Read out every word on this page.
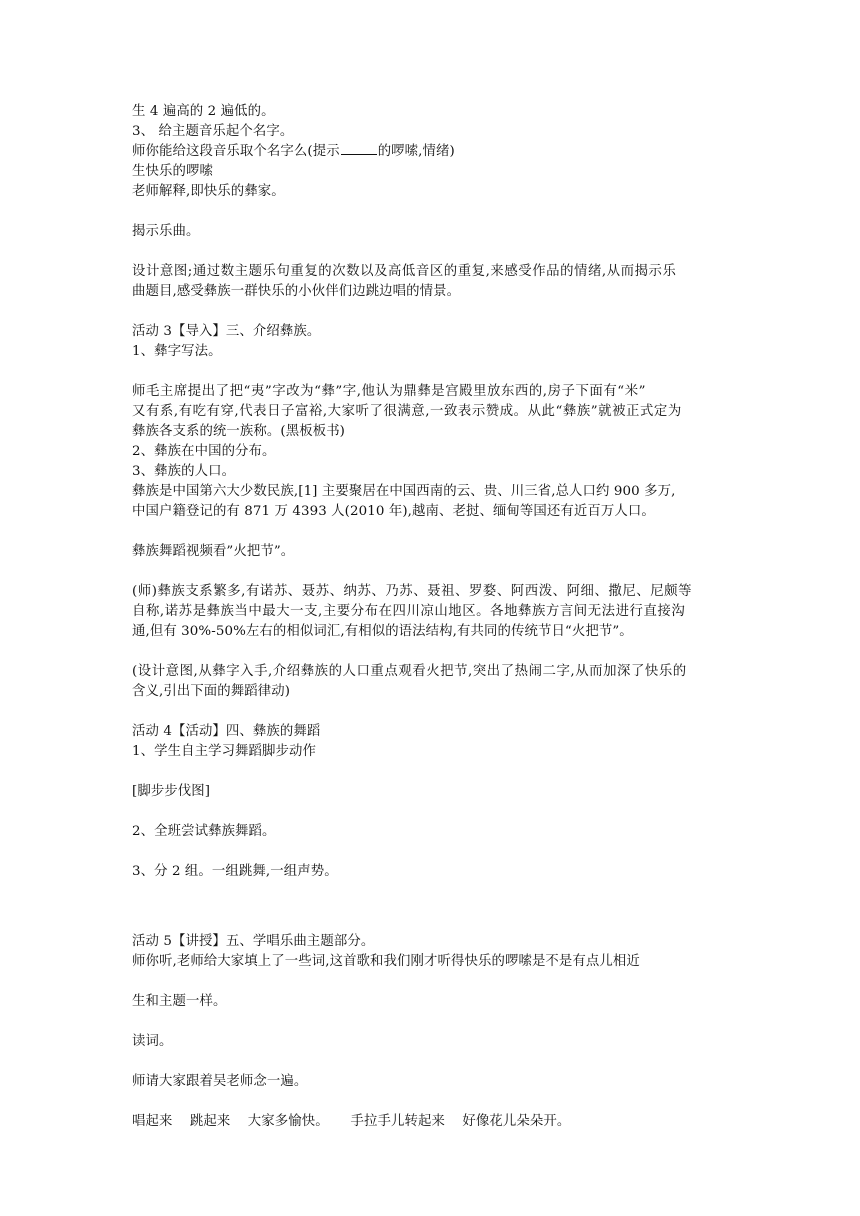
生 4 遍高的 2 遍低的。
3、 给主题音乐起个名字。
师你能给这段音乐取个名字么(提示	的啰嗦,情绪)
生快乐的啰嗦
老师解释,即快乐的彝家。
揭示乐曲。
设计意图;通过数主题乐句重复的次数以及高低音区的重复,来感受作品的情绪,从而揭示乐
曲题目,感受彝族一群快乐的小伙伴们边跳边唱的情景。
活动 3【导入】三、介绍彝族。
1、彝字写法。
师毛主席提出了把“夷”字改为“彝”字,他认为鼎彝是宫殿里放东西的,房子下面有“米”
又有系,有吃有穿,代表日子富裕,大家听了很满意,一致表示赞成。从此“彝族”就被正式定为
彝族各支系的统一族称。(黑板板书)
2、彝族在中国的分布。
3、彝族的人口。
彝族是中国第六大少数民族,[1] 主要聚居在中国西南的云、贵、川三省,总人口约 900 多万,
中国户籍登记的有 871 万 4393 人(2010 年),越南、老挝、缅甸等国还有近百万人口。
彝族舞蹈视频看”火把节”。
(师)彝族支系繁多,有诺苏、聂苏、纳苏、乃苏、聂祖、罗婺、阿西泼、阿细、撒尼、尼颇等
自称,诺苏是彝族当中最大一支,主要分布在四川凉山地区。各地彝族方言间无法进行直接沟
通,但有 30%-50%左右的相似词汇,有相似的语法结构,有共同的传统节日“火把节”。
(设计意图,从彝字入手,介绍彝族的人口重点观看火把节,突出了热闹二字,从而加深了快乐的
含义,引出下面的舞蹈律动)
活动 4【活动】四、彝族的舞蹈
1、学生自主学习舞蹈脚步动作
[脚步步伐图]
2、全班尝试彝族舞蹈。
3、分 2 组。一组跳舞,一组声势。
活动 5【讲授】五、学唱乐曲主题部分。
师你听,老师给大家填上了一些词,这首歌和我们刚才听得快乐的啰嗦是不是有点儿相近
生和主题一样。
读词。
师请大家跟着吴老师念一遍。
唱起来    跳起来    大家多愉快。     手拉手儿转起来    好像花儿朵朵开。
